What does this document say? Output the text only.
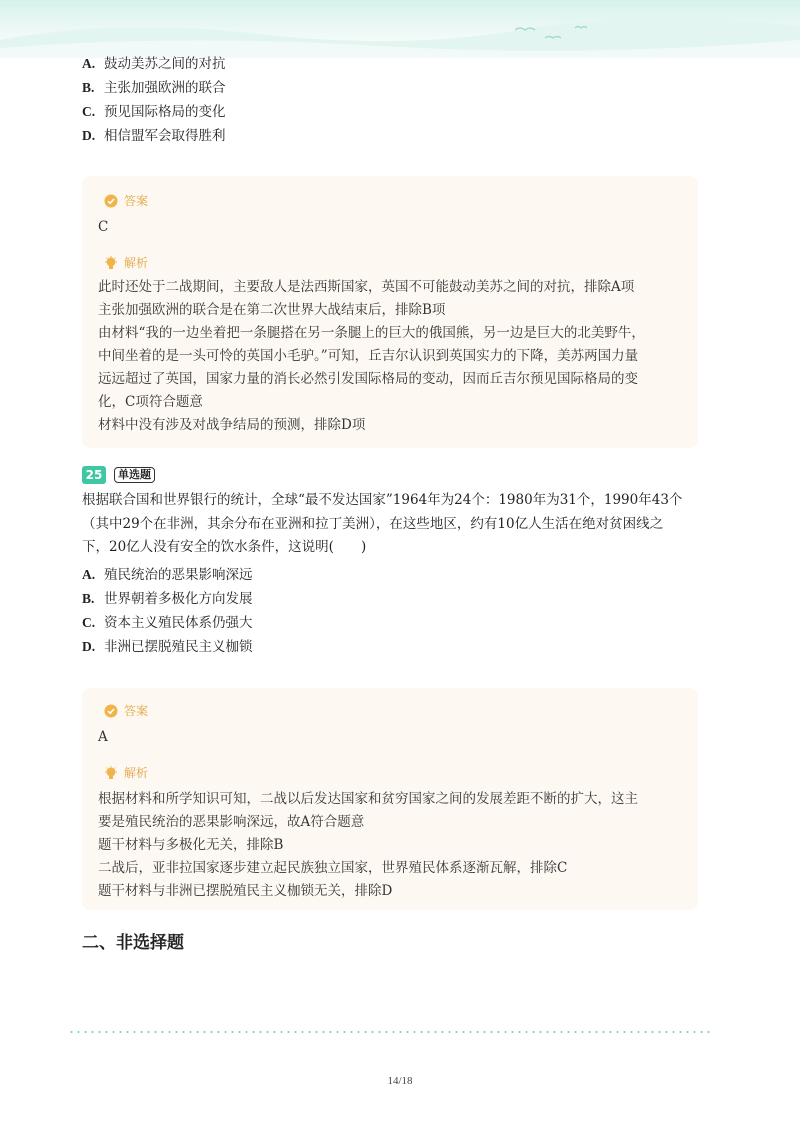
A. 鼓动美苏之间的对抗
B. 主张加强欧洲的联合
C. 预见国际格局的变化
D. 相信盟军会取得胜利
答案
C
解析
此时还处于二战期间，主要敌人是法西斯国家，英国不可能鼓动美苏之间的对抗，排除A项
主张加强欧洲的联合是在第二次世界大战结束后，排除B项
由材料“我的一边坐着把一条腿搭在另一条腿上的巨大的俄国熊，另一边是巨大的北美野牛，
中间坐着的是一头可怜的英国小毛驴。”可知，丘吉尔认识到英国实力的下降，美苏两国力量
远远超过了英国，国家力量的消长必然引发国际格局的变动，因而丘吉尔预见国际格局的变
化，C项符合题意
材料中没有涉及对战争结局的预测，排除D项
25	单选题
根据联合国和世界银行的统计，全球“最不发达国家”1964年为24个：1980年为31个，1990年43个
（其中29个在非洲，其余分布在亚洲和拉丁美洲），在这些地区，约有10亿人生活在绝对贫困线之
下，20亿人没有安全的饮水条件，这说明(　　)
A. 殖民统治的恶果影响深远
B. 世界朝着多极化方向发展
C. 资本主义殖民体系仍强大
D. 非洲已摆脱殖民主义枷锁
答案
A
解析
根据材料和所学知识可知，二战以后发达国家和贫穷国家之间的发展差距不断的扩大，这主
要是殖民统治的恶果影响深远，故A符合题意
题干材料与多极化无关，排除B
二战后，亚非拉国家逐步建立起民族独立国家，世界殖民体系逐渐瓦解，排除C
题干材料与非洲已摆脱殖民主义枷锁无关，排除D
二、非选择题
14/18
